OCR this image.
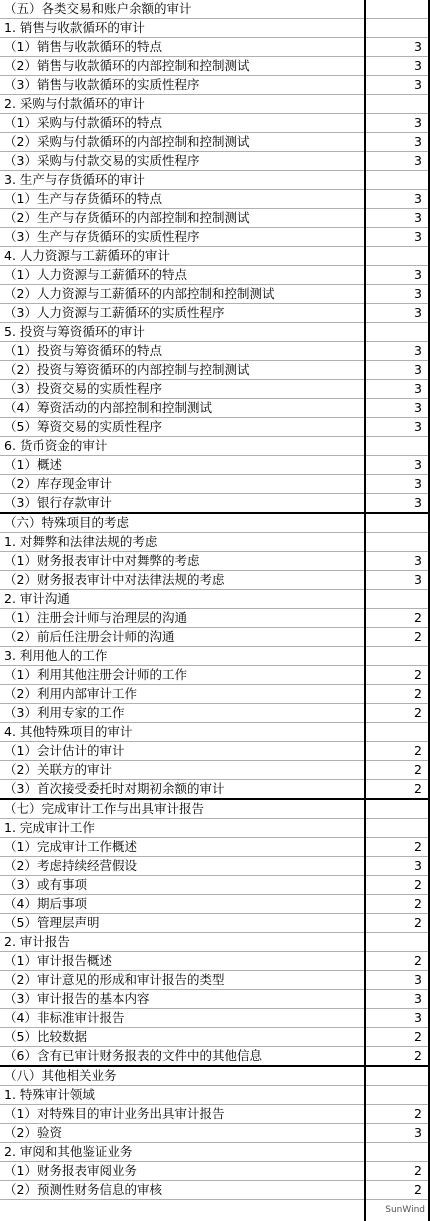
（五）各类交易和账户余额的审计	
1. 销售与收款循环的审计	
（1）销售与收款循环的特点	3
（2）销售与收款循环的内部控制和控制测试	3
（3）销售与收款循环的实质性程序	3
2. 采购与付款循环的审计	
（1）采购与付款循环的特点	3
（2）采购与付款循环的内部控制和控制测试	3
（3）采购与付款交易的实质性程序	3
3. 生产与存货循环的审计	
（1）生产与存货循环的特点	3
（2）生产与存货循环的内部控制和控制测试	3
（3）生产与存货循环的实质性程序	3
4. 人力资源与工薪循环的审计	
（1）人力资源与工薪循环的特点	3
（2）人力资源与工薪循环的内部控制和控制测试	3
（3）人力资源与工薪循环的实质性程序	3
5. 投资与筹资循环的审计	
（1）投资与筹资循环的特点	3
（2）投资与筹资循环的内部控制与控制测试	3
（3）投资交易的实质性程序	3
（4）筹资活动的内部控制和控制测试	3
（5）筹资交易的实质性程序	3
6. 货币资金的审计	
（1）概述	3
（2）库存现金审计	3
（3）银行存款审计	3
（六）特殊项目的考虑	
1. 对舞弊和法律法规的考虑	
（1）财务报表审计中对舞弊的考虑	3
（2）财务报表审计中对法律法规的考虑	3
2. 审计沟通	
（1）注册会计师与治理层的沟通	2
（2）前后任注册会计师的沟通	2
3. 利用他人的工作	
（1）利用其他注册会计师的工作	2
（2）利用内部审计工作	2
（3）利用专家的工作	2
4. 其他特殊项目的审计	
（1）会计估计的审计	2
（2）关联方的审计	2
（3）首次接受委托时对期初余额的审计	2
（七）完成审计工作与出具审计报告	
1. 完成审计工作	
（1）完成审计工作概述	2
（2）考虑持续经营假设	3
（3）或有事项	2
（4）期后事项	2
（5）管理层声明	2
2. 审计报告	
（1）审计报告概述	2
（2）审计意见的形成和审计报告的类型	3
（3）审计报告的基本内容	3
（4）非标准审计报告	3
（5）比较数据	2
（6）含有已审计财务报表的文件中的其他信息	2
（八）其他相关业务	
1. 特殊审计领域	
（1）对特殊目的审计业务出具审计报告	2
（2）验资	3
2. 审阅和其他鉴证业务	
（1）财务报表审阅业务	2
（2）预测性财务信息的审核	2
	SunWind
